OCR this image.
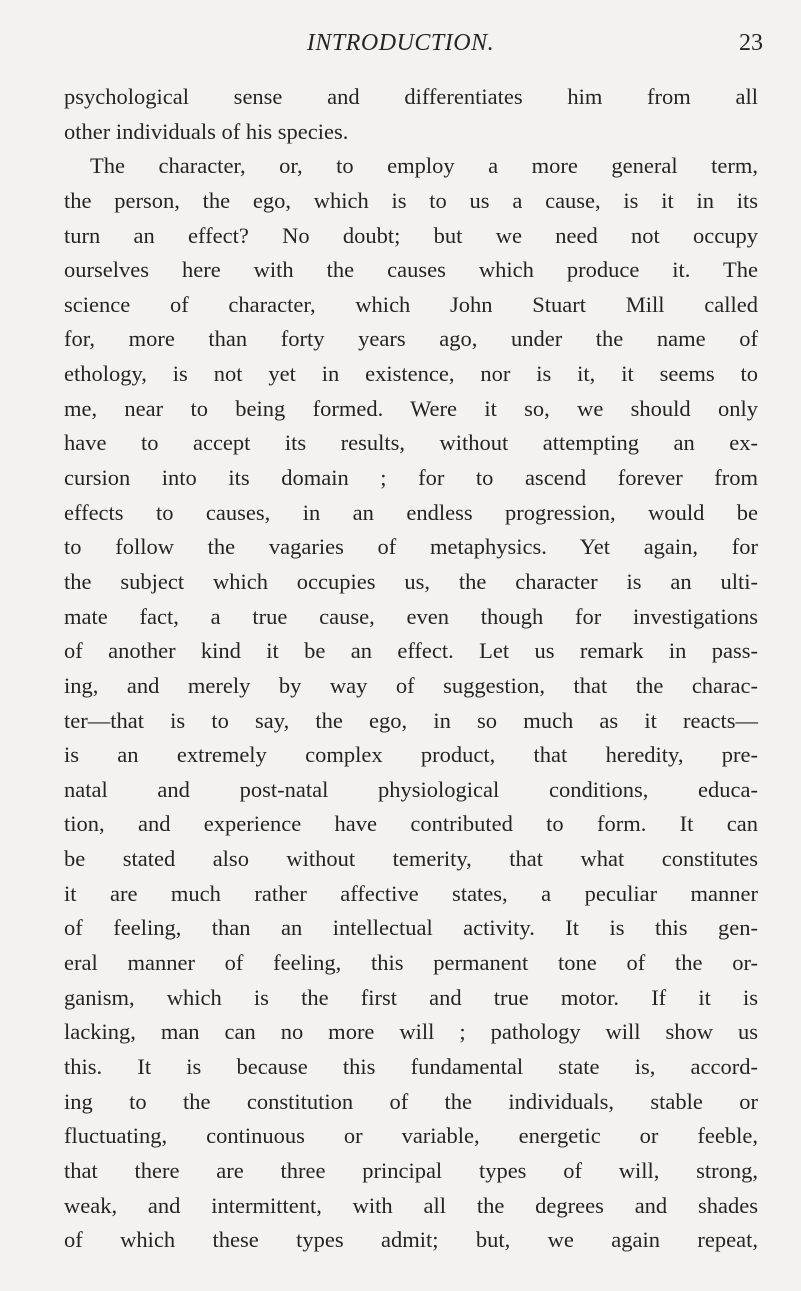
INTRODUCTION.	23
psychological sense and differentiates him from all
other individuals of his species.
The character, or, to employ a more general term,
the person, the ego, which is to us a cause, is it in its
turn an effect? No doubt; but we need not occupy
ourselves here with the causes which produce it. The
science of character, which John Stuart Mill called
for, more than forty years ago, under the name of
ethology, is not yet in existence, nor is it, it seems to
me, near to being formed. Were it so, we should only
have to accept its results, without attempting an ex-
cursion into its domain ; for to ascend forever from
effects to causes, in an endless progression, would be
to follow the vagaries of metaphysics. Yet again, for
the subject which occupies us, the character is an ulti-
mate fact, a true cause, even though for investigations
of another kind it be an effect. Let us remark in pass-
ing, and merely by way of suggestion, that the charac-
ter—that is to say, the ego, in so much as it reacts—
is an extremely complex product, that heredity, pre-
natal and post-natal physiological conditions, educa-
tion, and experience have contributed to form. It can
be stated also without temerity, that what constitutes
it are much rather affective states, a peculiar manner
of feeling, than an intellectual activity. It is this gen-
eral manner of feeling, this permanent tone of the or-
ganism, which is the first and true motor. If it is
lacking, man can no more will ; pathology will show us
this. It is because this fundamental state is, accord-
ing to the constitution of the individuals, stable or
fluctuating, continuous or variable, energetic or feeble,
that there are three principal types of will, strong,
weak, and intermittent, with all the degrees and shades
of which these types admit; but, we again repeat,
